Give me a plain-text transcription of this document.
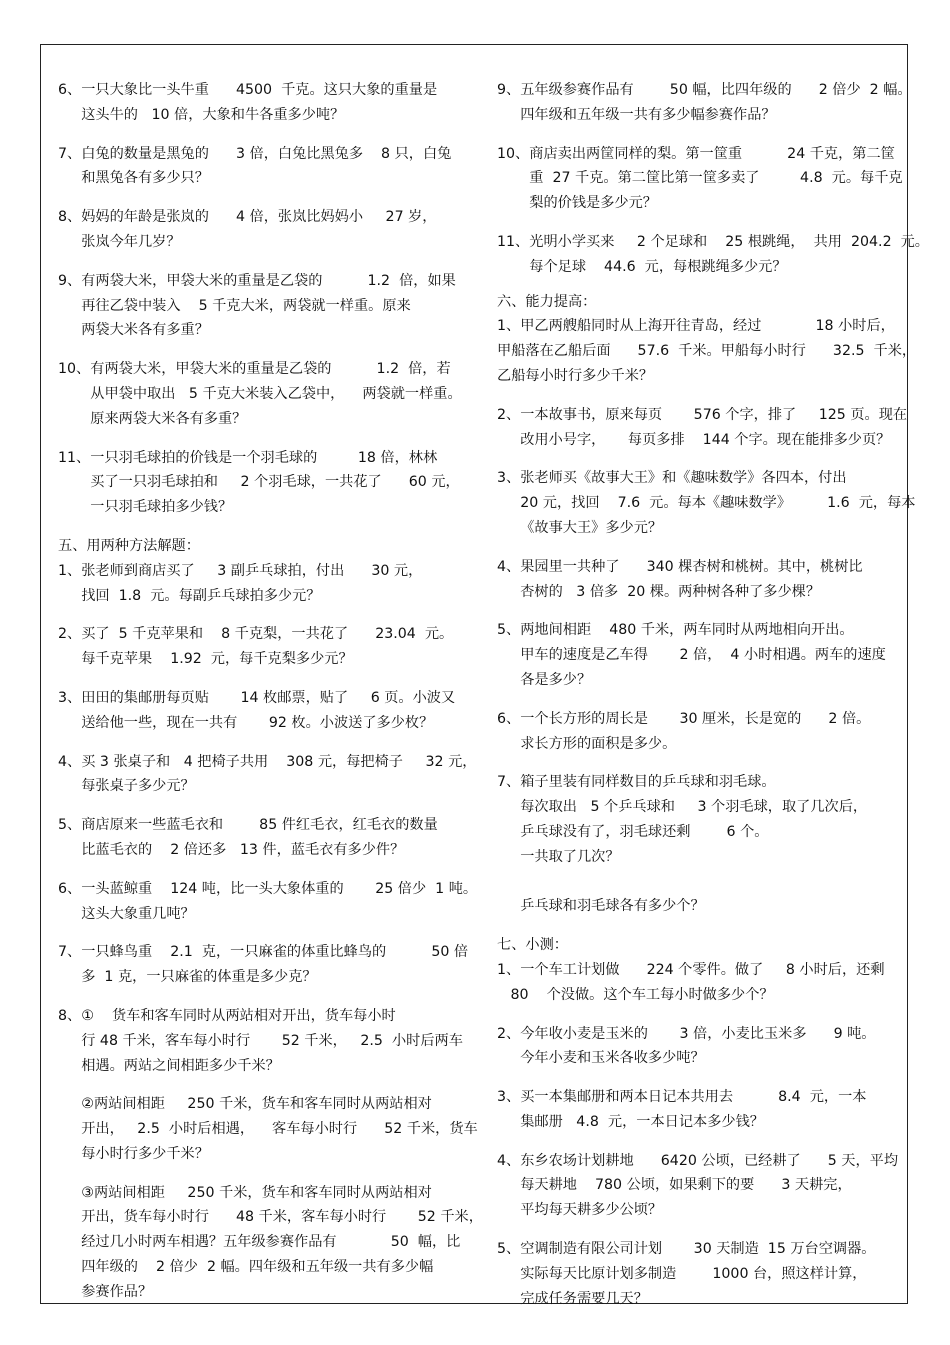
6、 一只大象比一头牛重      4500  千克。这只大象的重量是
这头牛的   10 倍，大象和牛各重多少吨？
7、 白兔的数量是黑兔的      3 倍，白兔比黑兔多    8 只，白兔
和黑兔各有多少只？
8、 妈妈的年龄是张岚的      4 倍，张岚比妈妈小     27 岁，
张岚今年几岁？
9、 有两袋大米，甲袋大米的重量是乙袋的          1.2  倍，如果
再往乙袋中装入    5 千克大米，两袋就一样重。原来
两袋大米各有多重？
10、 有两袋大米，甲袋大米的重量是乙袋的          1.2  倍，若
从甲袋中取出   5 千克大米装入乙袋中，    两袋就一样重。
原来两袋大米各有多重？
11、 一只羽毛球拍的价钱是一个羽毛球的         18 倍，林林
买了一只羽毛球拍和     2 个羽毛球，一共花了      60 元，
一只羽毛球拍多少钱？
五、用两种方法解题：
1、 张老师到商店买了     3 副乒乓球拍，付出      30 元，
找回  1.8  元。每副乒乓球拍多少元？
2、 买了  5 千克苹果和    8 千克梨，一共花了      23.04  元。
每千克苹果    1.92  元，每千克梨多少元？
3、 田田的集邮册每页贴       14 枚邮票，贴了     6 页。小波又
送给他一些，现在一共有       92 枚。小波送了多少枚？
4、 买 3 张桌子和   4 把椅子共用    308 元，每把椅子     32 元，
每张桌子多少元？
5、 商店原来一些蓝毛衣和        85 件红毛衣，红毛衣的数量
比蓝毛衣的    2 倍还多   13 件，蓝毛衣有多少件？
6、 一头蓝鲸重    124 吨，比一头大象体重的       25 倍少  1 吨。
这头大象重几吨？
7、 一只蜂鸟重    2.1  克，一只麻雀的体重比蜂鸟的          50 倍
多  1 克，一只麻雀的体重是多少克？
8、 ①    货车和客车同时从两站相对开出，货车每小时
行 48 千米，客车每小时行       52 千米，   2.5  小时后两车
相遇。两站之间相距多少千米？
②两站间相距     250 千米，货车和客车同时从两站相对
开出，   2.5  小时后相遇，    客车每小时行      52 千米，货车
每小时行多少千米？
③两站间相距     250 千米，货车和客车同时从两站相对
开出，货车每小时行      48 千米，客车每小时行       52 千米，
经过几小时两车相遇？五年级参赛作品有            50  幅，比
四年级的    2 倍少  2 幅。四年级和五年级一共有多少幅
参赛作品？
9、 五年级参赛作品有        50 幅，比四年级的      2 倍少  2 幅。
四年级和五年级一共有多少幅参赛作品？
10、 商店卖出两筐同样的梨。第一筐重          24 千克，第二筐
重  27 千克。第二筐比第一筐多卖了         4.8  元。每千克
梨的价钱是多少元？
11、 光明小学买来     2 个足球和    25 根跳绳，  共用  204.2  元。
每个足球    44.6  元，每根跳绳多少元？
六、能力提高：
1、甲乙两艘船同时从上海开往青岛，经过            18 小时后，
甲船落在乙船后面      57.6  千米。甲船每小时行      32.5  千米，
乙船每小时行多少千米？
2、 一本故事书，原来每页       576 个字，排了     125 页。现在
改用小号字，     每页多排    144 个字。现在能排多少页？
3、 张老师买《故事大王》和《趣味数学》各四本，付出
20 元，找回    7.6  元。每本《趣味数学》        1.6  元，每本
《故事大王》多少元？
4、 果园里一共种了      340 棵杏树和桃树。其中，桃树比
杏树的   3 倍多  20 棵。两种树各种了多少棵？
5、 两地间相距    480 千米，两车同时从两地相向开出。
甲车的速度是乙车得       2 倍，  4 小时相遇。两车的速度
各是多少？
6、 一个长方形的周长是       30 厘米，长是宽的      2 倍。
求长方形的面积是多少。
7、 箱子里装有同样数目的乒乓球和羽毛球。
每次取出   5 个乒乓球和     3 个羽毛球，取了几次后，
乒乓球没有了，羽毛球还剩        6 个。
一共取了几次？
乒乓球和羽毛球各有多少个？
七、小测：
1、一个车工计划做      224 个零件。做了     8 小时后，还剩
80    个没做。这个车工每小时做多少个？
2、 今年收小麦是玉米的       3 倍，小麦比玉米多      9 吨。
今年小麦和玉米各收多少吨？
3、 买一本集邮册和两本日记本共用去          8.4  元，一本
集邮册   4.8  元，一本日记本多少钱？
4、 东乡农场计划耕地      6420 公顷，已经耕了      5 天，平均
每天耕地    780 公顷，如果剩下的要      3 天耕完，
平均每天耕多少公顷？
5、 空调制造有限公司计划       30 天制造  15 万台空调器。
实际每天比原计划多制造        1000 台，照这样计算，
完成任务需要几天？
